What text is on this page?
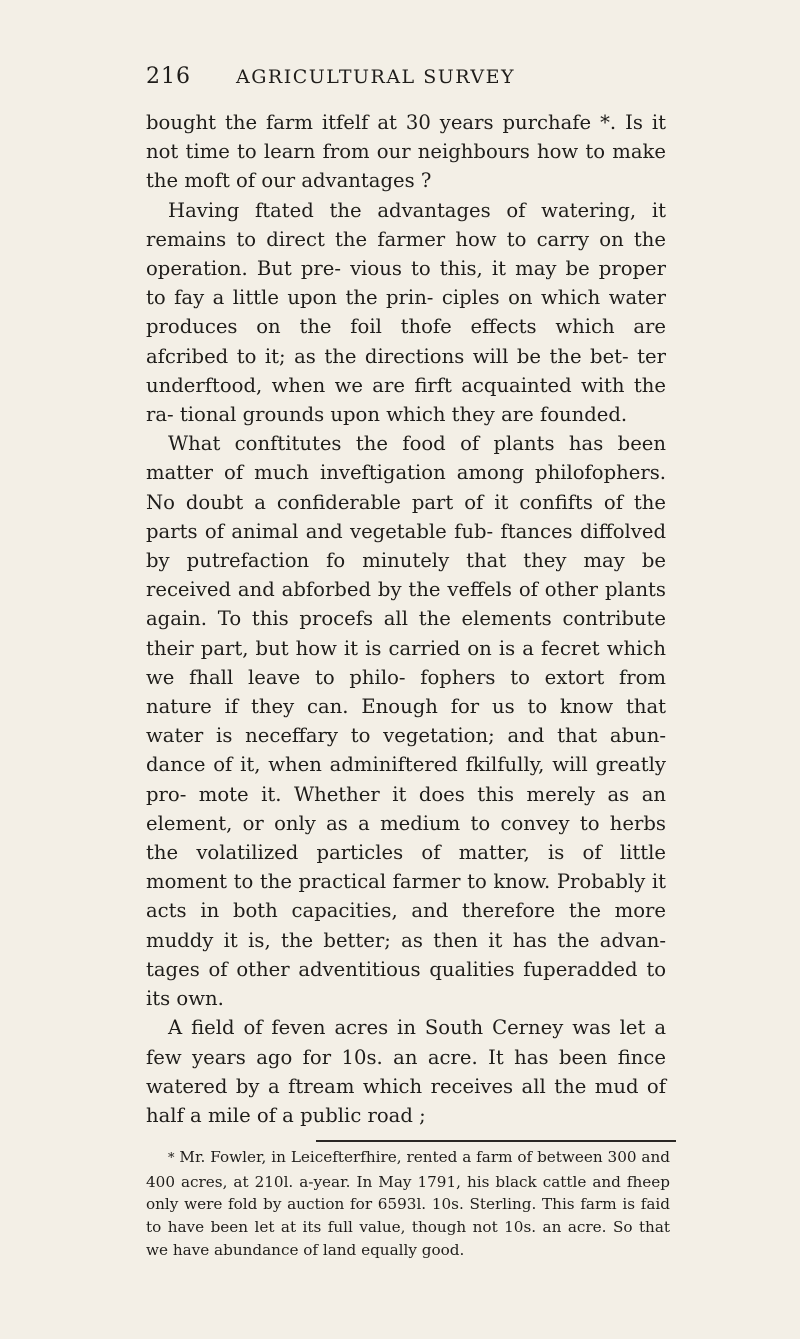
216 AGRICULTURAL SURVEY

bought the farm itfelf at 30 years purchafe *. Is it not time to learn from our neighbours how to make the moft of our advantages ?

Having ftated the advantages of watering, it remains to direct the farmer how to carry on the operation. But pre- vious to this, it may be proper to fay a little upon the prin- ciples on which water produces on the foil thofe effects which are afcribed to it; as the directions will be the bet- ter underftood, when we are firft acquainted with the ra- tional grounds upon which they are founded.

What conftitutes the food of plants has been matter of much inveftigation among philofophers. No doubt a confiderable part of it confifts of the parts of animal and vegetable fub- ftances diffolved by putrefaction fo minutely that they may be received and abforbed by the veffels of other plants again. To this procefs all the elements contribute their part, but how it is carried on is a fecret which we fhall leave to philo- fophers to extort from nature if they can. Enough for us to know that water is neceffary to vegetation; and that abun- dance of it, when adminiftered fkilfully, will greatly pro- mote it. Whether it does this merely as an element, or only as a medium to convey to herbs the volatilized particles of matter, is of little moment to the practical farmer to know. Probably it acts in both capacities, and therefore the more muddy it is, the better; as then it has the advan- tages of other adventitious qualities fuperadded to its own.

A field of feven acres in South Cerney was let a few years ago for 10s. an acre. It has been fince watered by a ftream which receives all the mud of half a mile of a public road ;

* Mr. Fowler, in Leicefterfhire, rented a farm of between 300 and 400 acres, at 210l. a-year. In May 1791, his black cattle and fheep only were fold by auction for 6593l. 10s. Sterling. This farm is faid to have been let at its full value, though not 10s. an acre. So that we have abundance of land equally good.
